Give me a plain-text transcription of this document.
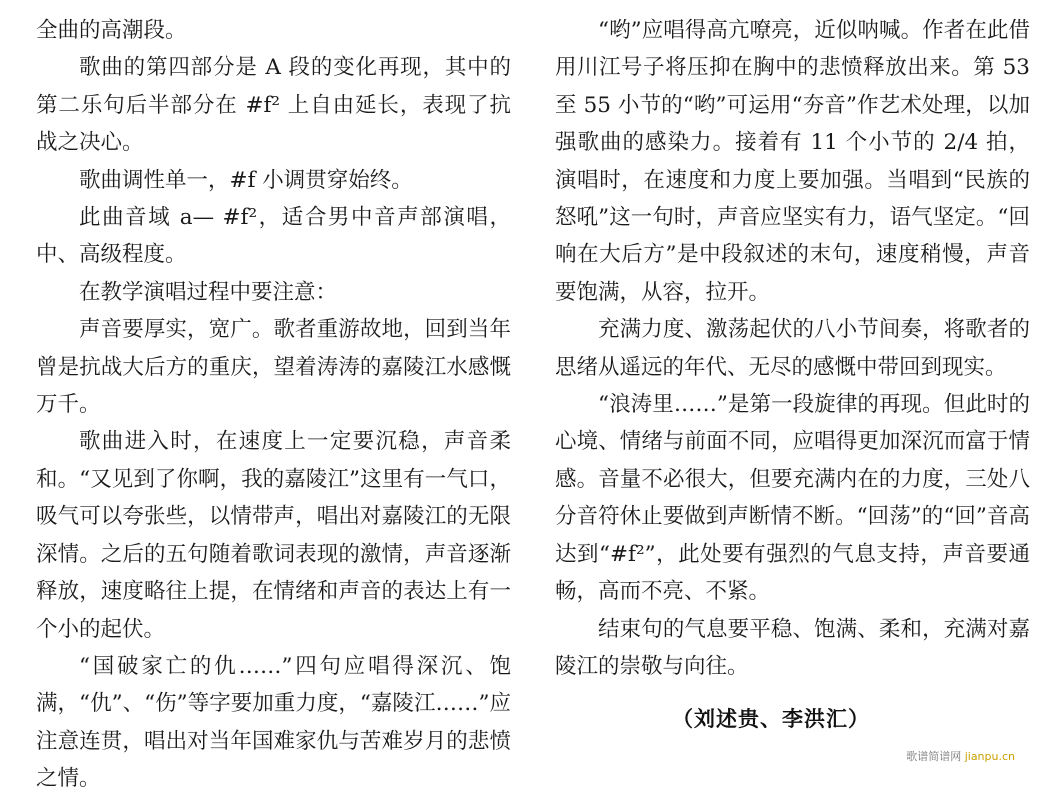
全曲的高潮段。

歌曲的第四部分是 A 段的变化再现，其中的第二乐句后半部分在 #f² 上自由延长，表现了抗战之决心。

歌曲调性单一，#f 小调贯穿始终。

此曲音域 a— #f²，适合男中音声部演唱，中、高级程度。

在教学演唱过程中要注意：

声音要厚实，宽广。歌者重游故地，回到当年曾是抗战大后方的重庆，望着涛涛的嘉陵江水感慨万千。

歌曲进入时，在速度上一定要沉稳，声音柔和。“又见到了你啊，我的嘉陵江”这里有一气口，吸气可以夸张些，以情带声，唱出对嘉陵江的无限深情。之后的五句随着歌词表现的激情，声音逐渐释放，速度略往上提，在情绪和声音的表达上有一个小的起伏。

“国破家亡的仇……”四句应唱得深沉、饱满，“仇”、“伤”等字要加重力度，“嘉陵江……”应注意连贯，唱出对当年国难家仇与苦难岁月的悲愤之情。

“哟”应唱得高亢嘹亮，近似呐喊。作者在此借用川江号子将压抑在胸中的悲愤释放出来。第 53 至 55 小节的“哟”可运用“夯音”作艺术处理，以加强歌曲的感染力。接着有 11 个小节的 2/4 拍，演唱时，在速度和力度上要加强。当唱到“民族的怒吼”这一句时，声音应坚实有力，语气坚定。“回响在大后方”是中段叙述的末句，速度稍慢，声音要饱满，从容，拉开。

充满力度、激荡起伏的八小节间奏，将歌者的思绪从遥远的年代、无尽的感慨中带回到现实。

“浪涛里……”是第一段旋律的再现。但此时的心境、情绪与前面不同，应唱得更加深沉而富于情感。音量不必很大，但要充满内在的力度，三处八分音符休止要做到声断情不断。“回荡”的“回”音高达到“#f²”，此处要有强烈的气息支持，声音要通畅，高而不亮、不紧。

结束句的气息要平稳、饱满、柔和，充满对嘉陵江的崇敬与向往。

（刘述贵、李洪汇）
歌谱简谱网 jianpu.cn
